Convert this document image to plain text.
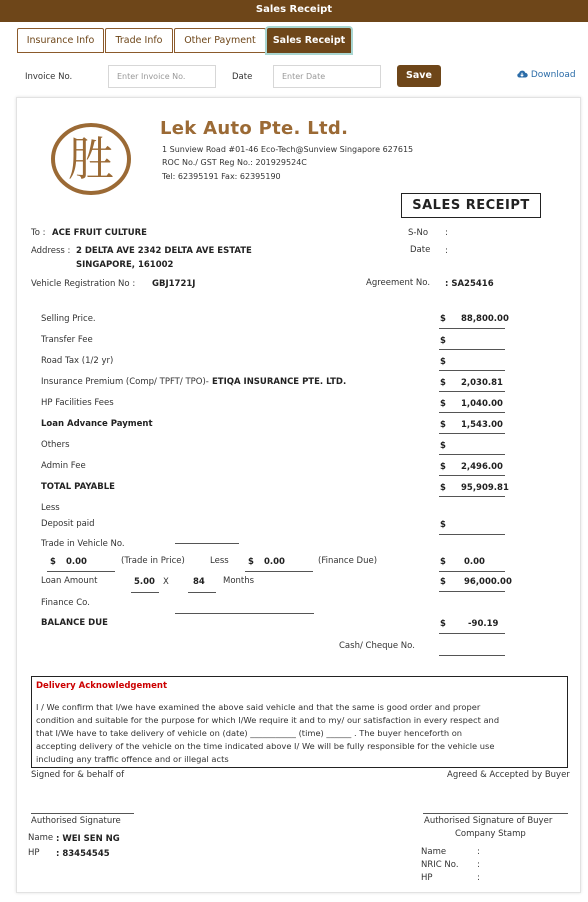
Sales Receipt
Insurance Info	Trade Info	Other Payment	Sales Receipt
Invoice No.	Enter Invoice No.	Date	Enter Date	Save	Download
胜
Lek Auto Pte. Ltd.
1 Sunview Road #01-46 Eco-Tech@Sunview Singapore 627615
ROC No./ GST Reg No.: 201929524C
Tel: 62395191 Fax: 62395190
SALES RECEIPT
To : ACE FRUIT CULTURE
Address : 2 DELTA AVE 2342 DELTA AVE ESTATE
SINGAPORE, 161002
Vehicle Registration No : GBJ1721J
S-No :
Date :
Agreement No. : SA25416
Selling Price.	$ 88,800.00
Transfer Fee	$
Road Tax (1/2 yr)	$
Insurance Premium (Comp/ TPFT/ TPO)- ETIQA INSURANCE PTE. LTD.	$ 2,030.81
HP Facilities Fees	$ 1,040.00
Loan Advance Payment	$ 1,543.00
Others	$
Admin Fee	$ 2,496.00
TOTAL PAYABLE	$ 95,909.81
Less
Deposit paid	$
Trade in Vehicle No.
$ 0.00	(Trade in Price)	Less $ 0.00	(Finance Due)	$ 0.00
Loan Amount	5.00 X	84 Months	$ 96,000.00
Finance Co.
BALANCE DUE	$	-90.19
Cash/ Cheque No.
Delivery Acknowledgement
I / We confirm that I/we have examined the above said vehicle and that the same is good order and proper
condition and suitable for the purpose for which I/We require it and to my/ our satisfaction in every respect and
that I/We have to take delivery of vehicle on (date) ___________ (time) ______ . The buyer henceforth on
accepting delivery of the vehicle on the time indicated above I/ We will be fully responsible for the vehicle use
including any traffic offence and or illegal acts
Signed for & behalf of	Agreed & Accepted by Buyer
Authorised Signature	Authorised Signature of Buyer
Company Stamp
Name : WEI SEN NG
HP : 83454545	Name	:
NRIC No. :
HP	:
